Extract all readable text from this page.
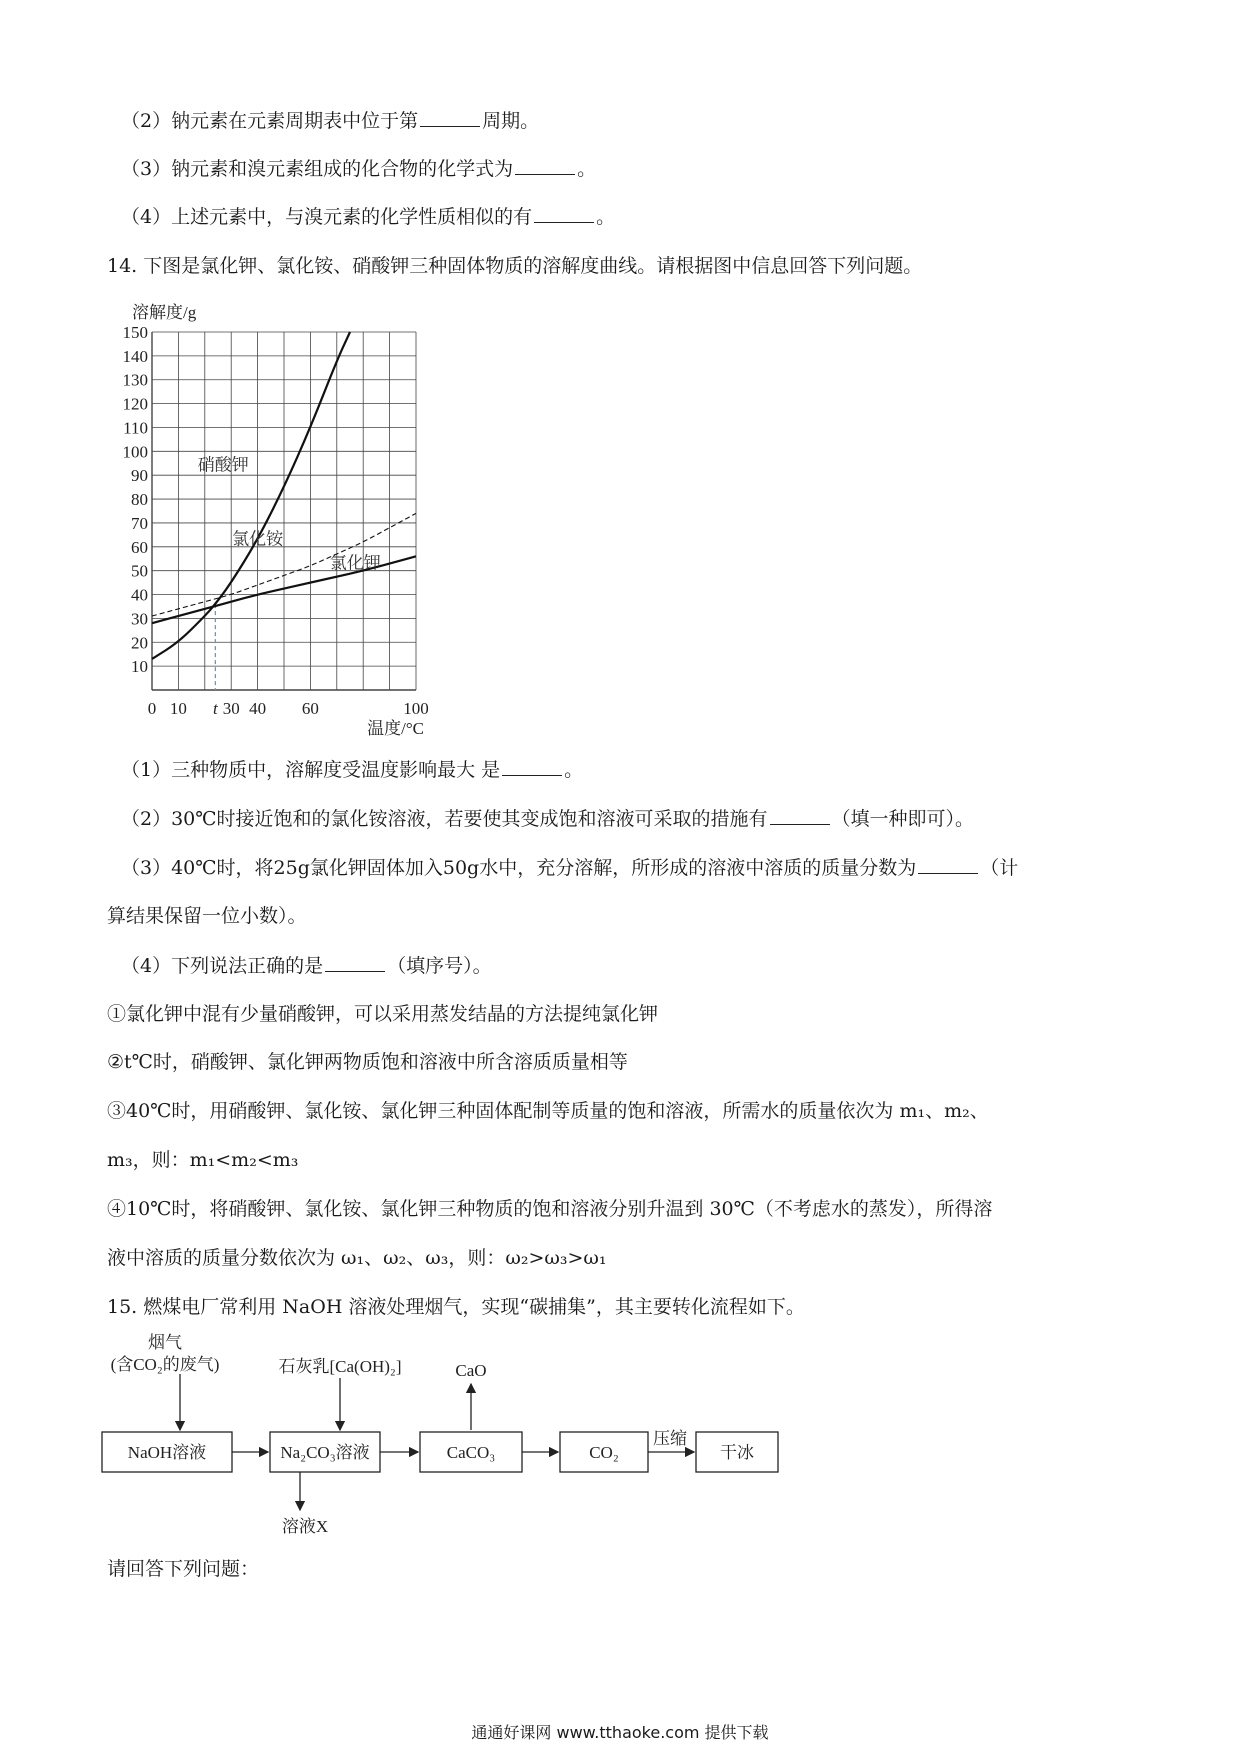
（2）钠元素在元素周期表中位于第	周期。
（3）钠元素和溴元素组成的化合物的化学式为	。
（4）上述元素中，与溴元素的化学性质相似的有	。
14. 下图是氯化钾、氯化铵、硝酸钾三种固体物质的溶解度曲线。请根据图中信息回答下列问题。
10
20
30
40
50
60
70
80
90
100
110
120
130
140
150
0 10 t 30 40 60	100
溶解度/g
温度/°C
硝酸钾
氯化铵
氯化钾
（1）三种物质中，溶解度受温度影响最大 是	。
（2）30℃时接近饱和的氯化铵溶液，若要使其变成饱和溶液可采取的措施有	（填一种即可）。
（3）40℃时，将25g氯化钾固体加入50g水中，充分溶解，所形成的溶液中溶质的质量分数为	（计
算结果保留一位小数）。
（4）下列说法正确的是	（填序号）。
①氯化钾中混有少量硝酸钾，可以采用蒸发结晶的方法提纯氯化钾
②t℃时，硝酸钾、氯化钾两物质饱和溶液中所含溶质质量相等
③40℃时，用硝酸钾、氯化铵、氯化钾三种固体配制等质量的饱和溶液，所需水的质量依次为 m₁、m₂、
m₃，则：m₁<m₂<m₃
④10℃时，将硝酸钾、氯化铵、氯化钾三种物质的饱和溶液分别升温到 30℃（不考虑水的蒸发），所得溶
液中溶质的质量分数依次为 ω₁、ω₂、ω₃，则：ω₂>ω₃>ω₁
15. 燃煤电厂常利用 NaOH 溶液处理烟气，实现“碳捕集”，其主要转化流程如下。
烟气
(含CO₂的废气)	石灰乳[Ca(OH)₂]	CaO
NaOH溶液	Na₂CO₃溶液	CaCO₃	CO₂	干冰
压缩
溶液X
请回答下列问题：
通通好课网 www.tthaoke.com 提供下载
